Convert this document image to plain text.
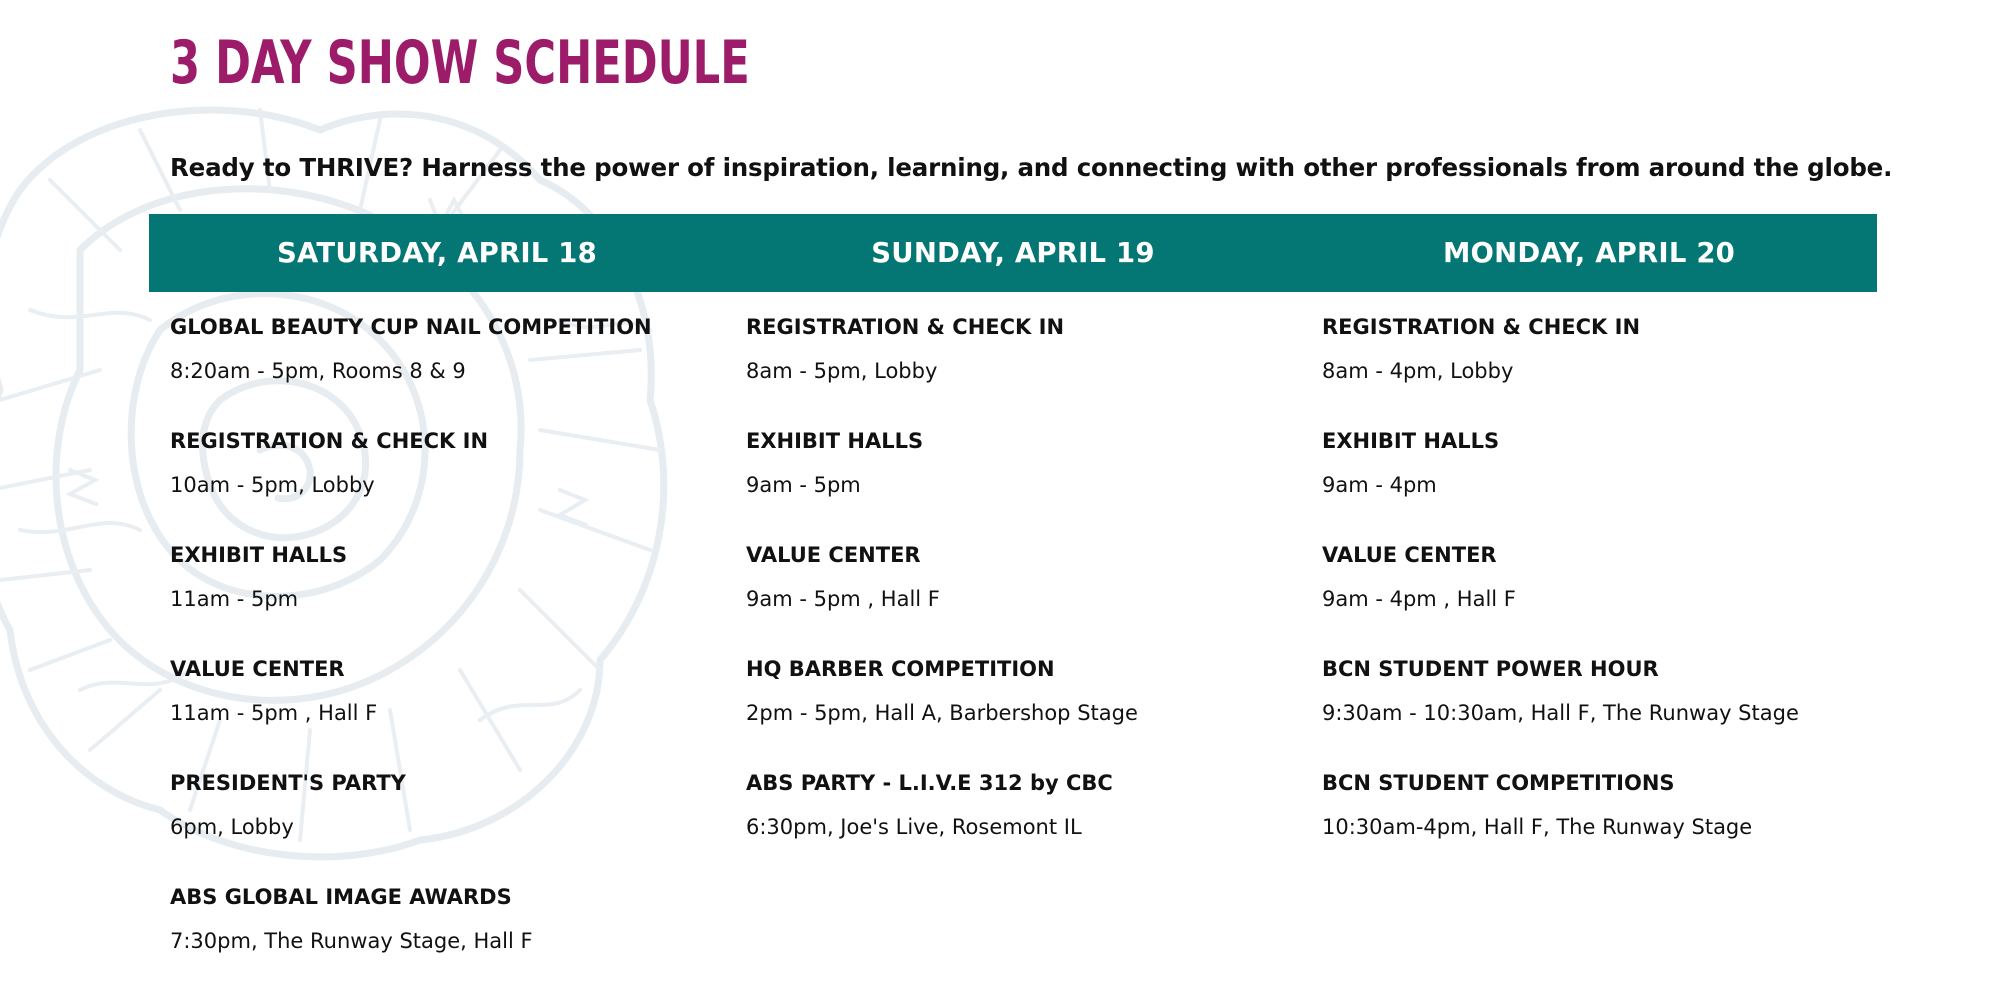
3 DAY SHOW SCHEDULE

Ready to THRIVE? Harness the power of inspiration, learning, and connecting with other professionals from around the globe.

SATURDAY, APRIL 18	SUNDAY, APRIL 19	MONDAY, APRIL 20
GLOBAL BEAUTY CUP NAIL COMPETITION
8:20am - 5pm, Rooms 8 & 9
REGISTRATION & CHECK IN
10am - 5pm, Lobby
EXHIBIT HALLS
11am - 5pm
VALUE CENTER
11am - 5pm , Hall F
PRESIDENT'S PARTY
6pm, Lobby
ABS GLOBAL IMAGE AWARDS
7:30pm, The Runway Stage, Hall F
REGISTRATION & CHECK IN
8am - 5pm, Lobby
EXHIBIT HALLS
9am - 5pm
VALUE CENTER
9am - 5pm , Hall F
HQ BARBER COMPETITION
2pm - 5pm, Hall A, Barbershop Stage
ABS PARTY - L.I.V.E 312 by CBC
6:30pm, Joe's Live, Rosemont IL
REGISTRATION & CHECK IN
8am - 4pm, Lobby
EXHIBIT HALLS
9am - 4pm
VALUE CENTER
9am - 4pm , Hall F
BCN STUDENT POWER HOUR
9:30am - 10:30am, Hall F, The Runway Stage
BCN STUDENT COMPETITIONS
10:30am-4pm, Hall F, The Runway Stage
